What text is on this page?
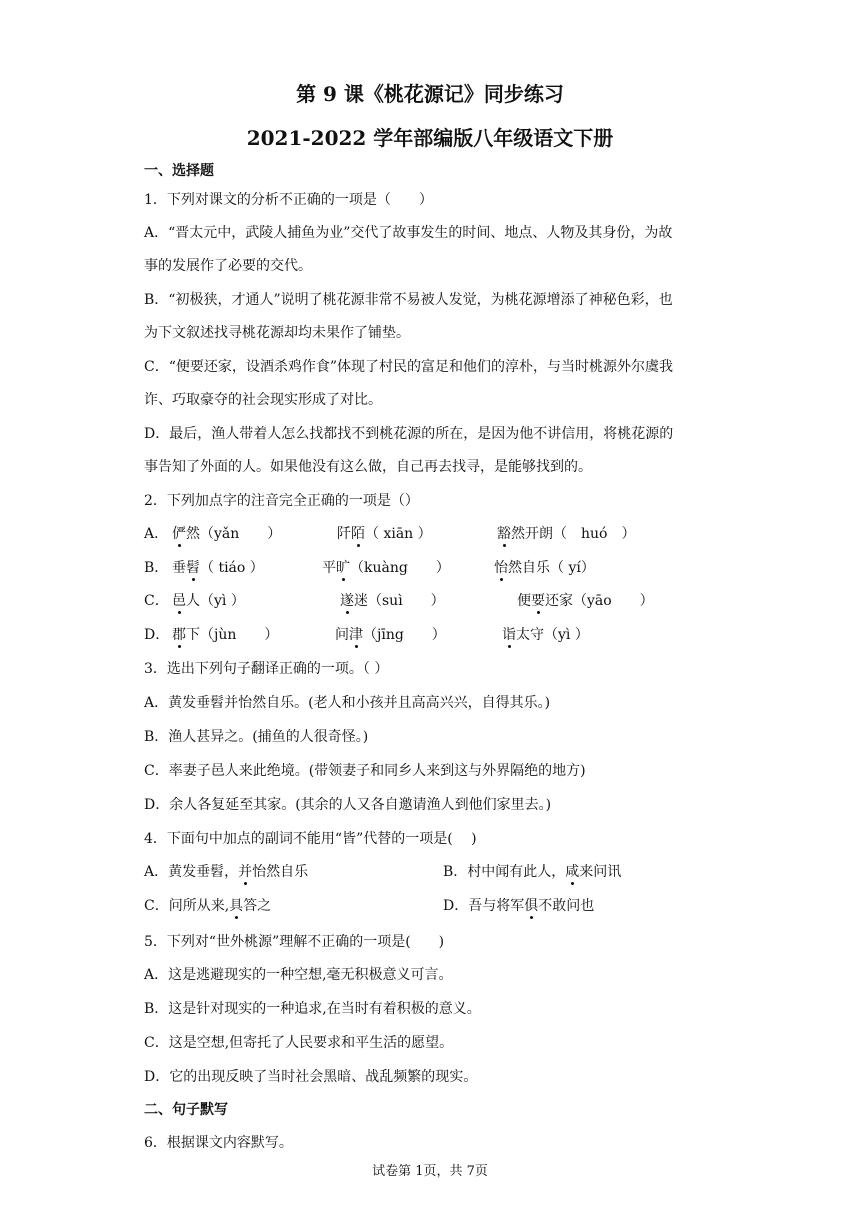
第 9 课《桃花源记》同步练习
2021-2022 学年部编版八年级语文下册
一、选择题
1．下列对课文的分析不正确的一项是（　　）
A．“晋太元中，武陵人捕鱼为业”交代了故事发生的时间、地点、人物及其身份，为故
事的发展作了必要的交代。
B．“初极狭，才通人”说明了桃花源非常不易被人发觉，为桃花源增添了神秘色彩，也
为下文叙述找寻桃花源却均未果作了铺垫。
C．“便要还家，设酒杀鸡作食”体现了村民的富足和他们的淳朴，与当时桃源外尔虞我
诈、巧取豪夺的社会现实形成了对比。
D．最后，渔人带着人怎么找都找不到桃花源的所在，是因为他不讲信用，将桃花源的
事告知了外面的人。如果他没有这么做，自己再去找寻，是能够找到的。
2．下列加点字的注音完全正确的一项是（）
A． 俨然（yǎn　　）	阡陌（ xiān ）	豁然开朗（　huó　）
B． 垂髫（ tiáo ）	平旷（kuàng　　）	怡然自乐（ yí）
C． 邑人（yì ）	遂迷（suì　　）	便要还家（yāo　　）
D． 郡下（jùn　　）	问津（jīng　　）	诣太守（yì ）
3．选出下列句子翻译正确的一项。（ ）
A．黄发垂髫并怡然自乐。(老人和小孩并且高高兴兴，自得其乐。)
B．渔人甚异之。(捕鱼的人很奇怪。)
C．率妻子邑人来此绝境。(带领妻子和同乡人来到这与外界隔绝的地方)
D．余人各复延至其家。(其余的人又各自邀请渔人到他们家里去。)
4．下面句中加点的副词不能用“皆”代替的一项是(　 )
A．黄发垂髫，并怡然自乐	B．村中闻有此人，咸来问讯
C．问所从来,具答之	D．吾与将军俱不敢问也
5．下列对“世外桃源”理解不正确的一项是(　　)
A．这是逃避现实的一种空想,毫无积极意义可言。
B．这是针对现实的一种追求,在当时有着积极的意义。
C．这是空想,但寄托了人民要求和平生活的愿望。
D．它的出现反映了当时社会黑暗、战乱频繁的现实。
二、句子默写
6．根据课文内容默写。
试卷第 1页，共 7页
